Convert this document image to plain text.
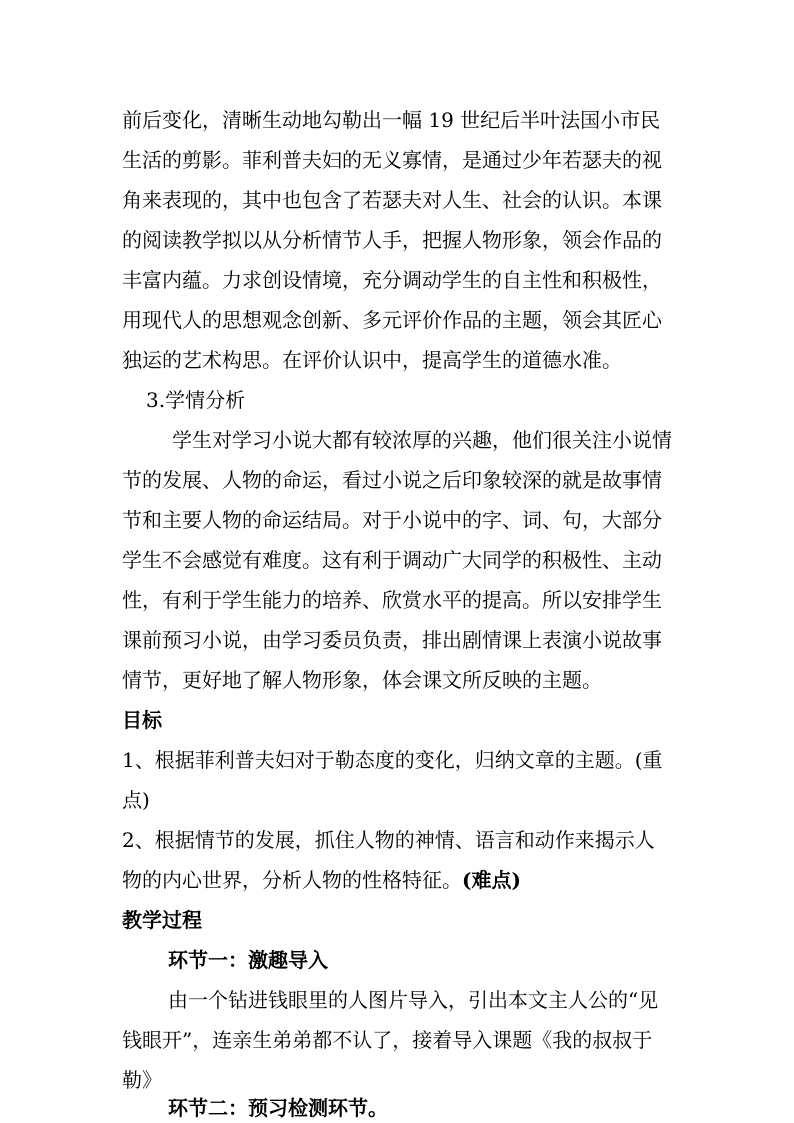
前后变化，清晰生动地勾勒出一幅 19 世纪后半叶法国小市民

生活的剪影。菲利普夫妇的无义寡情，是通过少年若瑟夫的视

角来表现的，其中也包含了若瑟夫对人生、社会的认识。本课

的阅读教学拟以从分析情节人手，把握人物形象，领会作品的

丰富内蕴。力求创设情境，充分调动学生的自主性和积极性，

用现代人的思想观念创新、多元评价作品的主题，领会其匠心

独运的艺术构思。在评价认识中，提高学生的道德水准。

3.学情分析

学生对学习小说大都有较浓厚的兴趣，他们很关注小说情

节的发展、人物的命运，看过小说之后印象较深的就是故事情

节和主要人物的命运结局。对于小说中的字、词、句，大部分

学生不会感觉有难度。这有利于调动广大同学的积极性、主动

性，有利于学生能力的培养、欣赏水平的提高。所以安排学生

课前预习小说，由学习委员负责，排出剧情课上表演小说故事

情节，更好地了解人物形象，体会课文所反映的主题。

目标

1、根据菲利普夫妇对于勒态度的变化，归纳文章的主题。(重

点)

2、根据情节的发展，抓住人物的神情、语言和动作来揭示人

物的内心世界，分析人物的性格特征。(难点)

教学过程

环节一：激趣导入

由一个钻进钱眼里的人图片导入，引出本文主人公的“见

钱眼开”，连亲生弟弟都不认了，接着导入课题《我的叔叔于

勒》

环节二：预习检测环节。
